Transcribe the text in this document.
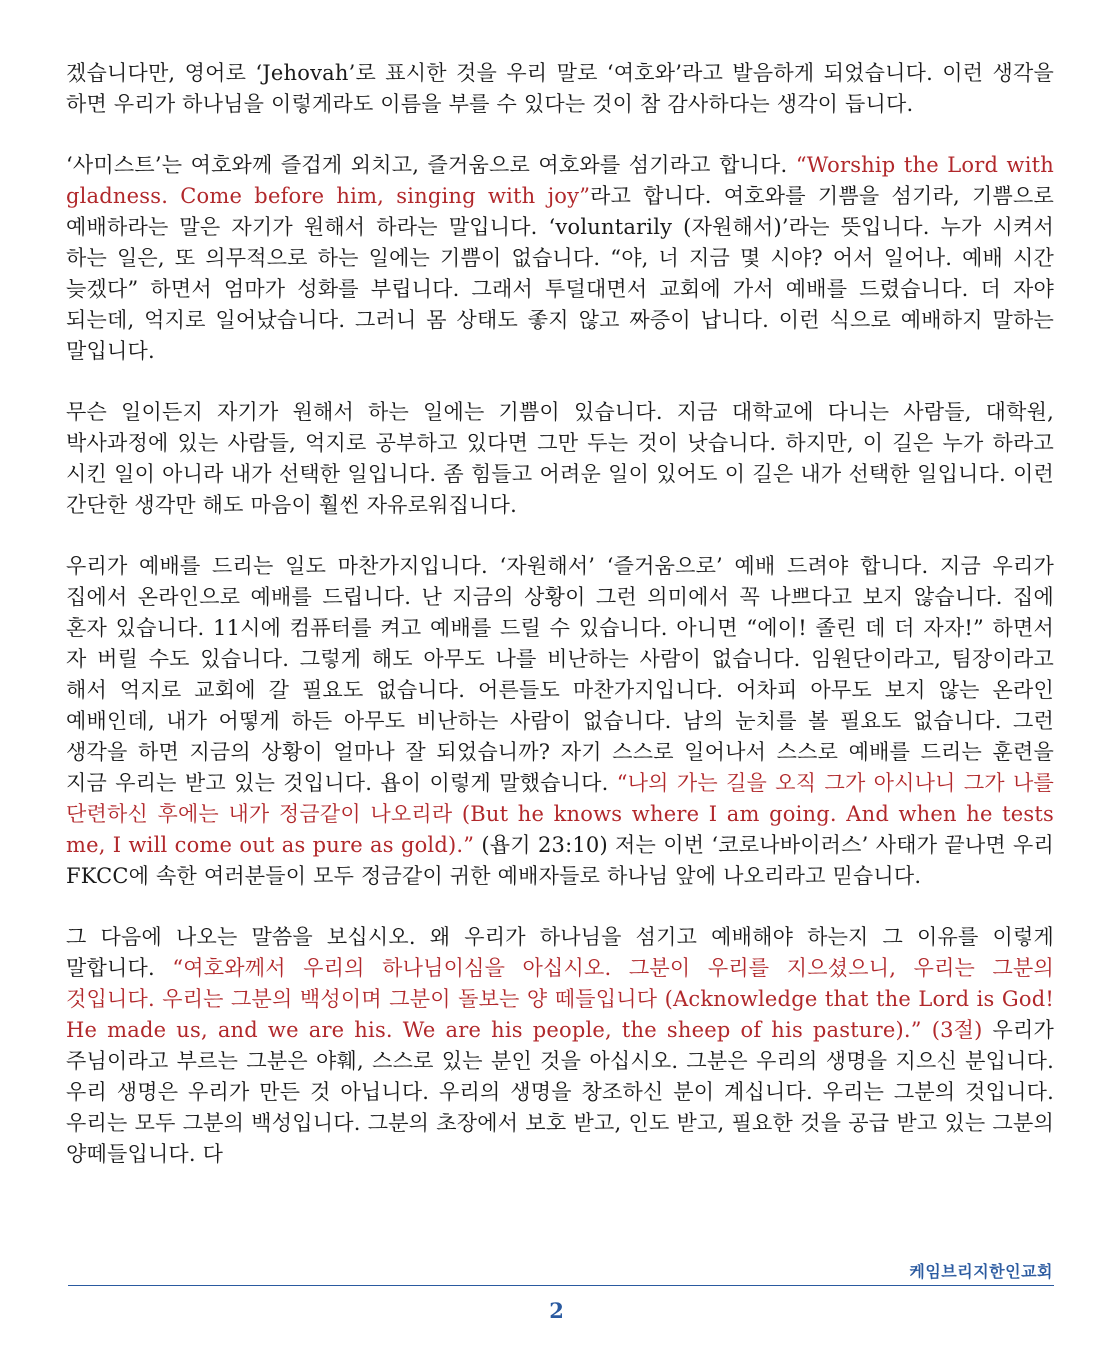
겠습니다만, 영어로 ‘Jehovah’로 표시한 것을 우리 말로 ‘여호와’라고 발음하게 되었습니다. 이런 생각을 하면 우리가 하나님을 이렇게라도 이름을 부를 수 있다는 것이 참 감사하다는 생각이 듭니다.

‘사미스트’는 여호와께 즐겁게 외치고, 즐거움으로 여호와를 섬기라고 합니다. “Worship the Lord with gladness. Come before him, singing with joy”라고 합니다. 여호와를 기쁨을 섬기라, 기쁨으로 예배하라는 말은 자기가 원해서 하라는 말입니다. ‘voluntarily (자원해서)’라는 뜻입니다. 누가 시켜서 하는 일은, 또 의무적으로 하는 일에는 기쁨이 없습니다. “야, 너 지금 몇 시야? 어서 일어나. 예배 시간 늦겠다” 하면서 엄마가 성화를 부립니다. 그래서 투덜대면서 교회에 가서 예배를 드렸습니다. 더 자야 되는데, 억지로 일어났습니다. 그러니 몸 상태도 좋지 않고 짜증이 납니다. 이런 식으로 예배하지 말하는 말입니다.

무슨 일이든지 자기가 원해서 하는 일에는 기쁨이 있습니다. 지금 대학교에 다니는 사람들, 대학원, 박사과정에 있는 사람들, 억지로 공부하고 있다면 그만 두는 것이 낫습니다. 하지만, 이 길은 누가 하라고 시킨 일이 아니라 내가 선택한 일입니다. 좀 힘들고 어려운 일이 있어도 이 길은 내가 선택한 일입니다. 이런 간단한 생각만 해도 마음이 훨씬 자유로워집니다.

우리가 예배를 드리는 일도 마찬가지입니다. ‘자원해서’ ‘즐거움으로’ 예배 드려야 합니다. 지금 우리가 집에서 온라인으로 예배를 드립니다. 난 지금의 상황이 그런 의미에서 꼭 나쁘다고 보지 않습니다. 집에 혼자 있습니다. 11시에 컴퓨터를 켜고 예배를 드릴 수 있습니다. 아니면 “에이! 졸린 데 더 자자!” 하면서 자 버릴 수도 있습니다. 그렇게 해도 아무도 나를 비난하는 사람이 없습니다. 임원단이라고, 팀장이라고 해서 억지로 교회에 갈 필요도 없습니다. 어른들도 마찬가지입니다. 어차피 아무도 보지 않는 온라인 예배인데, 내가 어떻게 하든 아무도 비난하는 사람이 없습니다. 남의 눈치를 볼 필요도 없습니다. 그런 생각을 하면 지금의 상황이 얼마나 잘 되었습니까? 자기 스스로 일어나서 스스로 예배를 드리는 훈련을 지금 우리는 받고 있는 것입니다. 욥이 이렇게 말했습니다. “나의 가는 길을 오직 그가 아시나니 그가 나를 단련하신 후에는 내가 정금같이 나오리라 (But he knows where I am going. And when he tests me, I will come out as pure as gold).” (욥기 23:10) 저는 이번 ‘코로나바이러스’ 사태가 끝나면 우리 FKCC에 속한 여러분들이 모두 정금같이 귀한 예배자들로 하나님 앞에 나오리라고 믿습니다.

그 다음에 나오는 말씀을 보십시오. 왜 우리가 하나님을 섬기고 예배해야 하는지 그 이유를 이렇게 말합니다. “여호와께서 우리의 하나님이심을 아십시오. 그분이 우리를 지으셨으니, 우리는 그분의 것입니다. 우리는 그분의 백성이며 그분이 돌보는 양 떼들입니다 (Acknowledge that the Lord is God! He made us, and we are his. We are his people, the sheep of his pasture).” (3절) 우리가 주님이라고 부르는 그분은 야훼, 스스로 있는 분인 것을 아십시오. 그분은 우리의 생명을 지으신 분입니다. 우리 생명은 우리가 만든 것 아닙니다. 우리의 생명을 창조하신 분이 계십니다. 우리는 그분의 것입니다. 우리는 모두 그분의 백성입니다. 그분의 초장에서 보호 받고, 인도 받고, 필요한 것을 공급 받고 있는 그분의 양떼들입니다. 다

케임브리지한인교회
2
